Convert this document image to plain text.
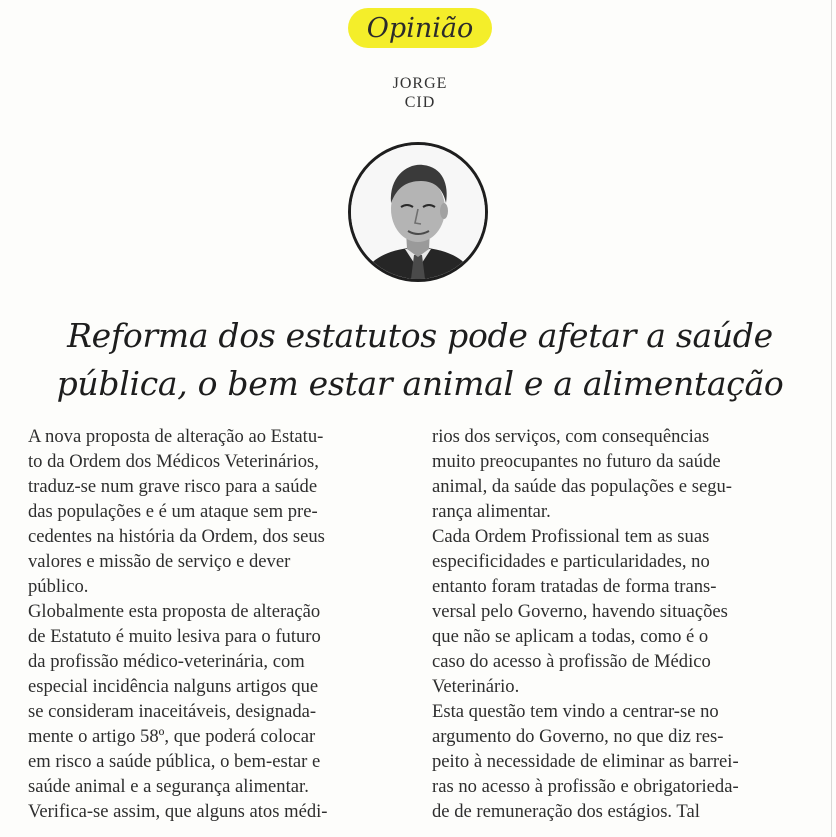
Opinião
JORGE
CID
Reforma dos estatutos pode afetar a saúde
pública, o bem estar animal e a alimentação
A nova proposta de alteração ao Estatu-
to da Ordem dos Médicos Veterinários,
traduz-se num grave risco para a saúde
das populações e é um ataque sem pre-
cedentes na história da Ordem, dos seus
valores e missão de serviço e dever
público.
Globalmente esta proposta de alteração
de Estatuto é muito lesiva para o futuro
da profissão médico-veterinária, com
especial incidência nalguns artigos que
se consideram inaceitáveis, designada-
mente o artigo 58º, que poderá colocar
em risco a saúde pública, o bem-estar e
saúde animal e a segurança alimentar.
Verifica-se assim, que alguns atos médi-
rios dos serviços, com consequências
muito preocupantes no futuro da saúde
animal, da saúde das populações e segu-
rança alimentar.
Cada Ordem Profissional tem as suas
especificidades e particularidades, no
entanto foram tratadas de forma trans-
versal pelo Governo, havendo situações
que não se aplicam a todas, como é o
caso do acesso à profissão de Médico
Veterinário.
Esta questão tem vindo a centrar-se no
argumento do Governo, no que diz res-
peito à necessidade de eliminar as barrei-
ras no acesso à profissão e obrigatorieda-
de de remuneração dos estágios. Tal
